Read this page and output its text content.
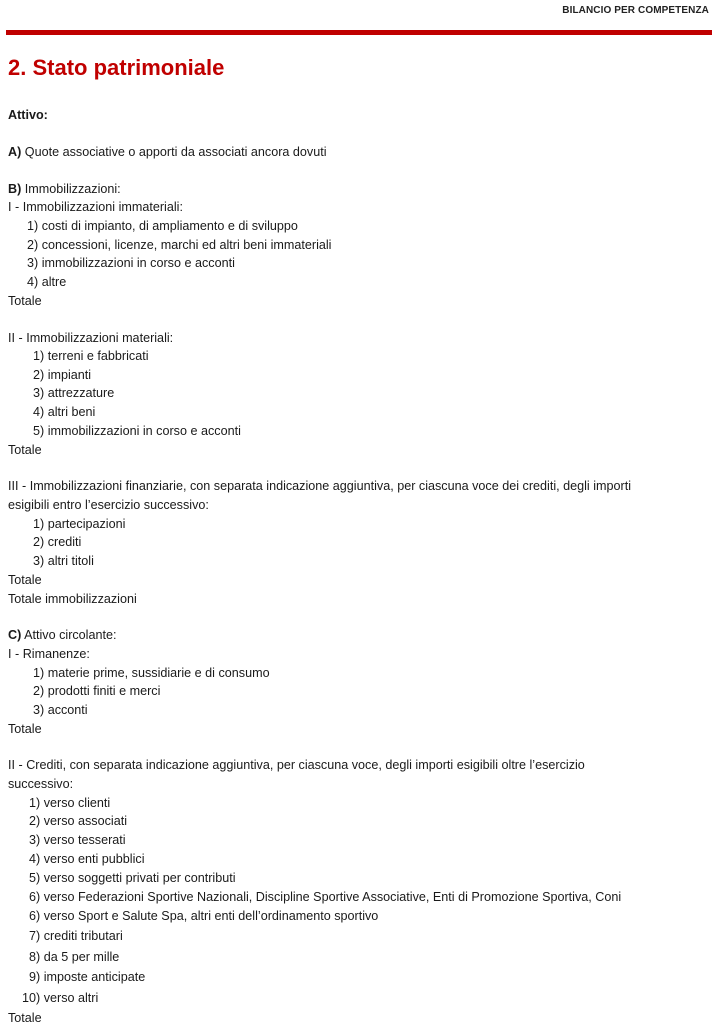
BILANCIO PER COMPETENZA
2. Stato patrimoniale
Attivo:
A) Quote associative o apporti da associati ancora dovuti
B) Immobilizzazioni:
I - Immobilizzazioni immateriali:
1) costi di impianto, di ampliamento e di sviluppo
2) concessioni, licenze, marchi ed altri beni immateriali
3) immobilizzazioni in corso e acconti
4) altre
Totale
II - Immobilizzazioni materiali:
1) terreni e fabbricati
2) impianti
3) attrezzature
4) altri beni
5) immobilizzazioni in corso e acconti
Totale
III - Immobilizzazioni finanziarie, con separata indicazione aggiuntiva, per ciascuna voce dei crediti, degli importi
esigibili entro l’esercizio successivo:
1) partecipazioni
2) crediti
3) altri titoli
Totale
Totale immobilizzazioni
C) Attivo circolante:
I - Rimanenze:
1) materie prime, sussidiarie e di consumo
2) prodotti finiti e merci
3) acconti
Totale
II - Crediti, con separata indicazione aggiuntiva, per ciascuna voce, degli importi esigibili oltre l’esercizio
successivo:
1) verso clienti
2) verso associati
3) verso tesserati
4) verso enti pubblici
5) verso soggetti privati per contributi
6) verso Federazioni Sportive Nazionali, Discipline Sportive Associative, Enti di Promozione Sportiva, Coni
6) verso Sport e Salute Spa, altri enti dell’ordinamento sportivo
7) crediti tributari
8) da 5 per mille
9) imposte anticipate
10) verso altri
Totale
